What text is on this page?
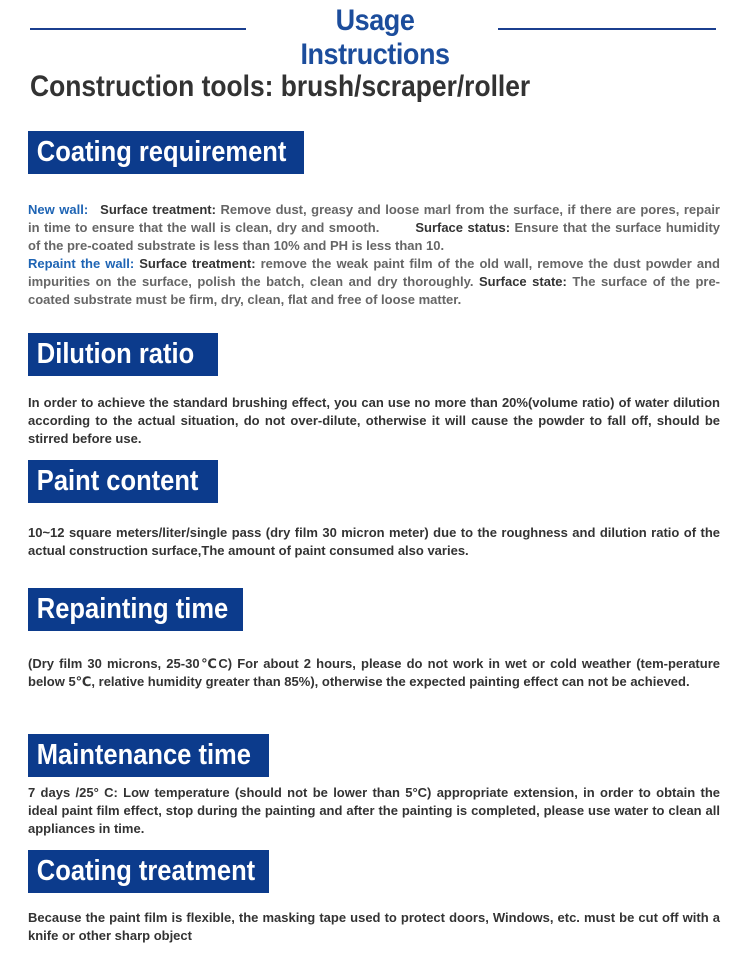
Usage Instructions
Construction tools: brush/scraper/roller
Coating requirement
New wall: Surface treatment: Remove dust, greasy and loose marl from the surface, if there are pores, repair in time to ensure that the wall is clean, dry and smooth.	Surface status: Ensure that the surface humidity of the pre-coated substrate is less than 10% and PH is less than 10.
Repaint the wall: Surface treatment: remove the weak paint film of the old wall, remove the dust powder and impurities on the surface, polish the batch, clean and dry thoroughly. Surface state: The surface of the pre-coated substrate must be firm, dry, clean, flat and free of loose matter.
Dilution ratio
In order to achieve the standard brushing effect, you can use no more than 20%(volume ratio) of water dilution according to the actual situation, do not over-dilute, otherwise it will cause the powder to fall off, should be stirred before use.
Paint content
10~12 square meters/liter/single pass (dry film 30 micron meter) due to the roughness and dilution ratio of the actual construction surface,The amount of paint consumed also varies.
Repainting time
(Dry film 30 microns, 25-30℃C) For about 2 hours, please do not work in wet or cold weather (tem-perature below 5℃, relative humidity greater than 85%), otherwise the expected painting effect can not be achieved.
Maintenance time
7 days /25° C: Low temperature (should not be lower than 5°C) appropriate extension, in order to obtain the ideal paint film effect, stop during the painting and after the painting is completed, please use water to clean all appliances in time.
Coating treatment
Because the paint film is flexible, the masking tape used to protect doors, Windows, etc. must be cut off with a knife or other sharp object
